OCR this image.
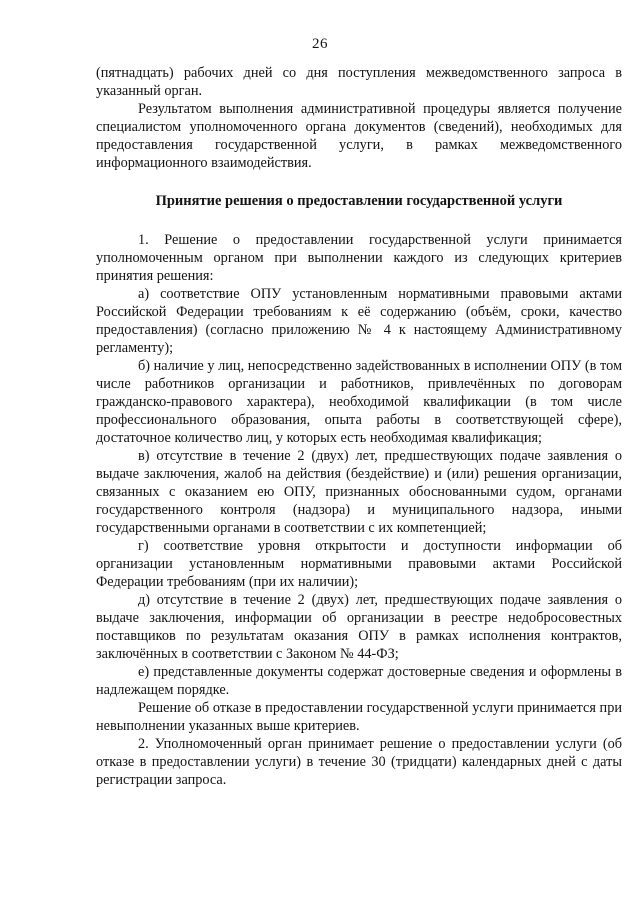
26

(пятнадцать) рабочих дней со дня поступления межведомственного запроса в указанный орган.

Результатом выполнения административной процедуры является получение специалистом уполномоченного органа документов (сведений), необходимых для предоставления государственной услуги, в рамках межведомственного информационного взаимодействия.

Принятие решения о предоставлении государственной услуги

1. Решение о предоставлении государственной услуги принимается уполномоченным органом при выполнении каждого из следующих критериев принятия решения:

а) соответствие ОПУ установленным нормативными правовыми актами Российской Федерации требованиям к её содержанию (объём, сроки, качество предоставления) (согласно приложению № 4 к настоящему Административному регламенту);

б) наличие у лиц, непосредственно задействованных в исполнении ОПУ (в том числе работников организации и работников, привлечённых по договорам гражданско-правового характера), необходимой квалификации (в том числе профессионального образования, опыта работы в соответствующей сфере), достаточное количество лиц, у которых есть необходимая квалификация;

в) отсутствие в течение 2 (двух) лет, предшествующих подаче заявления о выдаче заключения, жалоб на действия (бездействие) и (или) решения организации, связанных с оказанием ею ОПУ, признанных обоснованными судом, органами государственного контроля (надзора) и муниципального надзора, иными государственными органами в соответствии с их компетенцией;

г) соответствие уровня открытости и доступности информации об организации установленным нормативными правовыми актами Российской Федерации требованиям (при их наличии);

д) отсутствие в течение 2 (двух) лет, предшествующих подаче заявления о выдаче заключения, информации об организации в реестре недобросовестных поставщиков по результатам оказания ОПУ в рамках исполнения контрактов, заключённых в соответствии с Законом № 44-ФЗ;

е) представленные документы содержат достоверные сведения и оформлены в надлежащем порядке.

Решение об отказе в предоставлении государственной услуги принимается при невыполнении указанных выше критериев.

2. Уполномоченный орган принимает решение о предоставлении услуги (об отказе в предоставлении услуги) в течение 30 (тридцати) календарных дней с даты регистрации запроса.
